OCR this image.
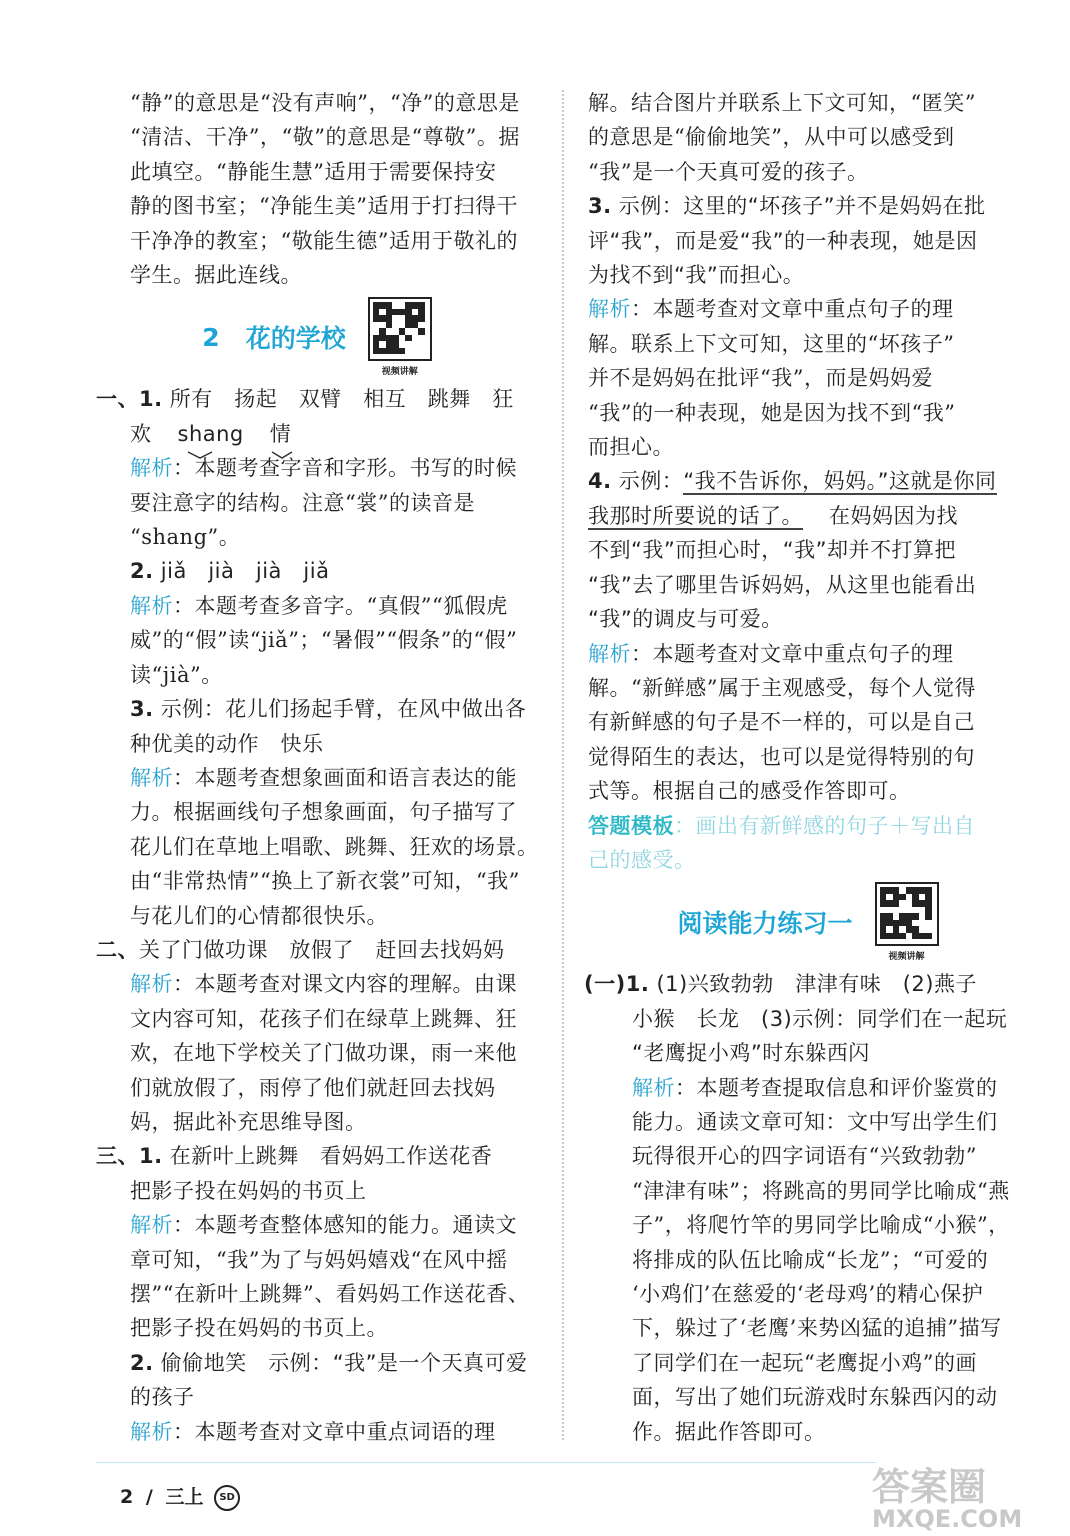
“静”的意思是“没有声响”，“净”的意思是
“清洁、干净”，“敬”的意思是“尊敬”。据
此填空。“静能生慧”适用于需要保持安
静的图书室；“净能生美”适用于打扫得干
干净净的教室；“敬能生德”适用于敬礼的
学生。据此连线。
2 花的学校
视频讲解
一、1. 所有　扬起　双臂　相互　跳舞　狂
欢 shang 情
解析：本题考查字音和字形。书写的时候
要注意字的结构。注意“裳”的读音是
“shang”。
2. jiǎ　jià　jià　jiǎ
解析：本题考查多音字。“真假”“狐假虎
威”的“假”读“jiǎ”；“暑假”“假条”的“假”
读“jià”。
3. 示例：花儿们扬起手臂，在风中做出各
种优美的动作　快乐
解析：本题考查想象画面和语言表达的能
力。根据画线句子想象画面，句子描写了
花儿们在草地上唱歌、跳舞、狂欢的场景。
由“非常热情”“换上了新衣裳”可知，“我”
与花儿们的心情都很快乐。
二、关了门做功课　放假了　赶回去找妈妈
解析：本题考查对课文内容的理解。由课
文内容可知，花孩子们在绿草上跳舞、狂
欢，在地下学校关了门做功课，雨一来他
们就放假了，雨停了他们就赶回去找妈
妈，据此补充思维导图。
三、1. 在新叶上跳舞　看妈妈工作送花香
把影子投在妈妈的书页上
解析：本题考查整体感知的能力。通读文
章可知，“我”为了与妈妈嬉戏“在风中摇
摆”“在新叶上跳舞”、看妈妈工作送花香、
把影子投在妈妈的书页上。
2. 偷偷地笑　示例：“我”是一个天真可爱
的孩子
解析：本题考查对文章中重点词语的理
解。结合图片并联系上下文可知，“匿笑”
的意思是“偷偷地笑”，从中可以感受到
“我”是一个天真可爱的孩子。
3. 示例：这里的“坏孩子”并不是妈妈在批
评“我”，而是爱“我”的一种表现，她是因
为找不到“我”而担心。
解析：本题考查对文章中重点句子的理
解。联系上下文可知，这里的“坏孩子”
并不是妈妈在批评“我”，而是妈妈爱
“我”的一种表现，她是因为找不到“我”
而担心。
4. 示例：“我不告诉你，妈妈。”这就是你同
我那时所要说的话了。 在妈妈因为找
不到“我”而担心时，“我”却并不打算把
“我”去了哪里告诉妈妈，从这里也能看出
“我”的调皮与可爱。
解析：本题考查对文章中重点句子的理
解。“新鲜感”属于主观感受，每个人觉得
有新鲜感的句子是不一样的，可以是自己
觉得陌生的表达，也可以是觉得特别的句
式等。根据自己的感受作答即可。
答题模板：画出有新鲜感的句子＋写出自
己的感受。
阅读能力练习一
视频讲解
(一)1. (1)兴致勃勃　津津有味　(2)燕子
小猴　长龙　(3)示例：同学们在一起玩
“老鹰捉小鸡”时东躲西闪
解析：本题考查提取信息和评价鉴赏的
能力。通读文章可知：文中写出学生们
玩得很开心的四字词语有“兴致勃勃”
“津津有味”；将跳高的男同学比喻成“燕
子”，将爬竹竿的男同学比喻成“小猴”，
将排成的队伍比喻成“长龙”；“可爱的
‘小鸡们’在慈爱的‘老母鸡’的精心保护
下，躲过了‘老鹰’来势凶猛的追捕”描写
了同学们在一起玩“老鹰捉小鸡”的画
面，写出了她们玩游戏时东躲西闪的动
作。据此作答即可。
2 / 三上 SD	答案圈
MXQE.COM
